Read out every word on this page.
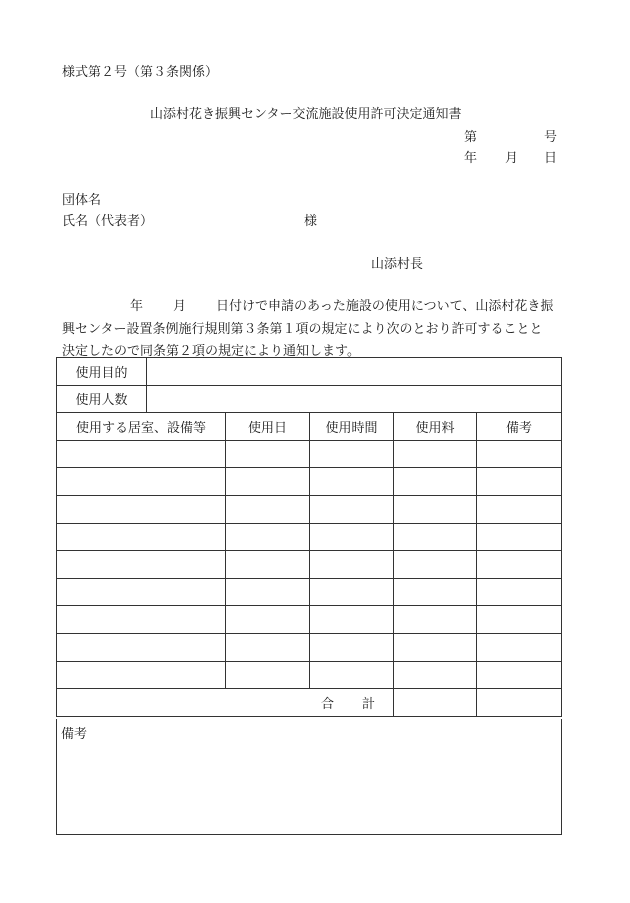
様式第２号（第３条関係）
山添村花き振興センター交流施設使用許可決定通知書
第	号
年 月 日
団体名
氏名（代表者）	様
山添村長
年 月 日付けで申請のあった施設の使用について、山添村花き振
興センター設置条例施行規則第３条第１項の規定により次のとおり許可することと
決定したので同条第２項の規定により通知します。
使用目的					
使用人数					
使用する居室、設備等		使用日	使用時間	使用料	備考

合 計					
備考
